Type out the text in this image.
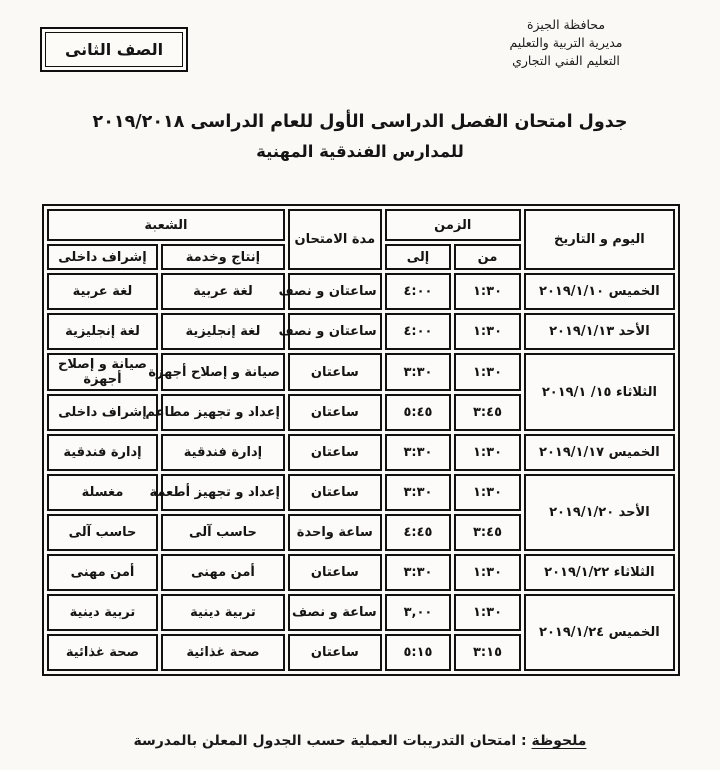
محافظة الجيزة
مديرية التربية والتعليم
التعليم الفني التجاري
الصف الثانى
جدول امتحان الفصل الدراسى الأول للعام الدراسى ٢٠١٩/٢٠١٨
للمدارس الفندقية المهنية
اليوم و التاريخ	الزمن		مدة الامتحان	الشعبة	
	من	إلى		إنتاج وخدمة	إشراف داخلى
الخميس ٢٠١٩/١/١٠	١:٣٠	٤:٠٠	ساعتان و نصف	لغة عربية	لغة عربية
الأحد ٢٠١٩/١/١٣	١:٣٠	٤:٠٠	ساعتان و نصف	لغة إنجليزية	لغة إنجليزية
الثلاثاء ١٥/ ٢٠١٩/١	١:٣٠	٣:٣٠	ساعتان	صيانة و إصلاح أجهزة	صيانة و إصلاح أجهزة
	٣:٤٥	٥:٤٥	ساعتان	إعداد و تجهيز مطاعم	إشراف داخلى
الخميس ٢٠١٩/١/١٧	١:٣٠	٣:٣٠	ساعتان	إدارة فندقية	إدارة فندقية
الأحد ٢٠١٩/١/٢٠	١:٣٠	٣:٣٠	ساعتان	إعداد و تجهيز أطعمة	مغسلة
	٣:٤٥	٤:٤٥	ساعة واحدة	حاسب آلى	حاسب آلى
الثلاثاء ٢٠١٩/١/٢٢	١:٣٠	٣:٣٠	ساعتان	أمن مهنى	أمن مهنى
الخميس ٢٠١٩/١/٢٤	١:٣٠	٣,٠٠	ساعة و نصف	تربية دينية	تربية دينية
	٣:١٥	٥:١٥	ساعتان	صحة غذائية	صحة غذائية
ملحوظة : امتحان التدريبات العملية حسب الجدول المعلن بالمدرسة
